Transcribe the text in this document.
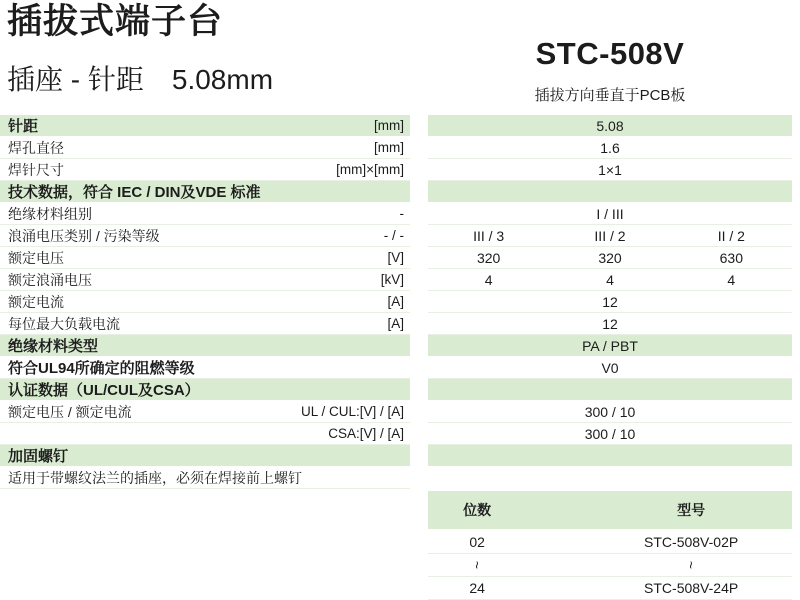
插拔式端子台
插座 - 针距　5.08mm
STC-508V
插拔方向垂直于PCB板
针距	[mm]	5.08
焊孔直径	[mm]	1.6
焊针尺寸	[mm]×[mm]	1×1
技术数据，符合 IEC / DIN及VDE 标准
绝缘材料组别	-	I / III
浪涌电压类别 / 污染等级	- / -	III / 3	III / 2	II / 2
额定电压	[V]	320	320	630
额定浪涌电压	[kV]	4	4	4
额定电流	[A]	12
每位最大负载电流	[A]	12
绝缘材料类型	PA / PBT
符合UL94所确定的阻燃等级	V0
认证数据（UL/CUL及CSA）
额定电压 / 额定电流	UL / CUL:[V] / [A]	300 / 10
CSA:[V] / [A]	300 / 10
加固螺钉
适用于带螺纹法兰的插座，必须在焊接前上螺钉
位数	型号
02	STC-508V-02P
~	~
24	STC-508V-24P
